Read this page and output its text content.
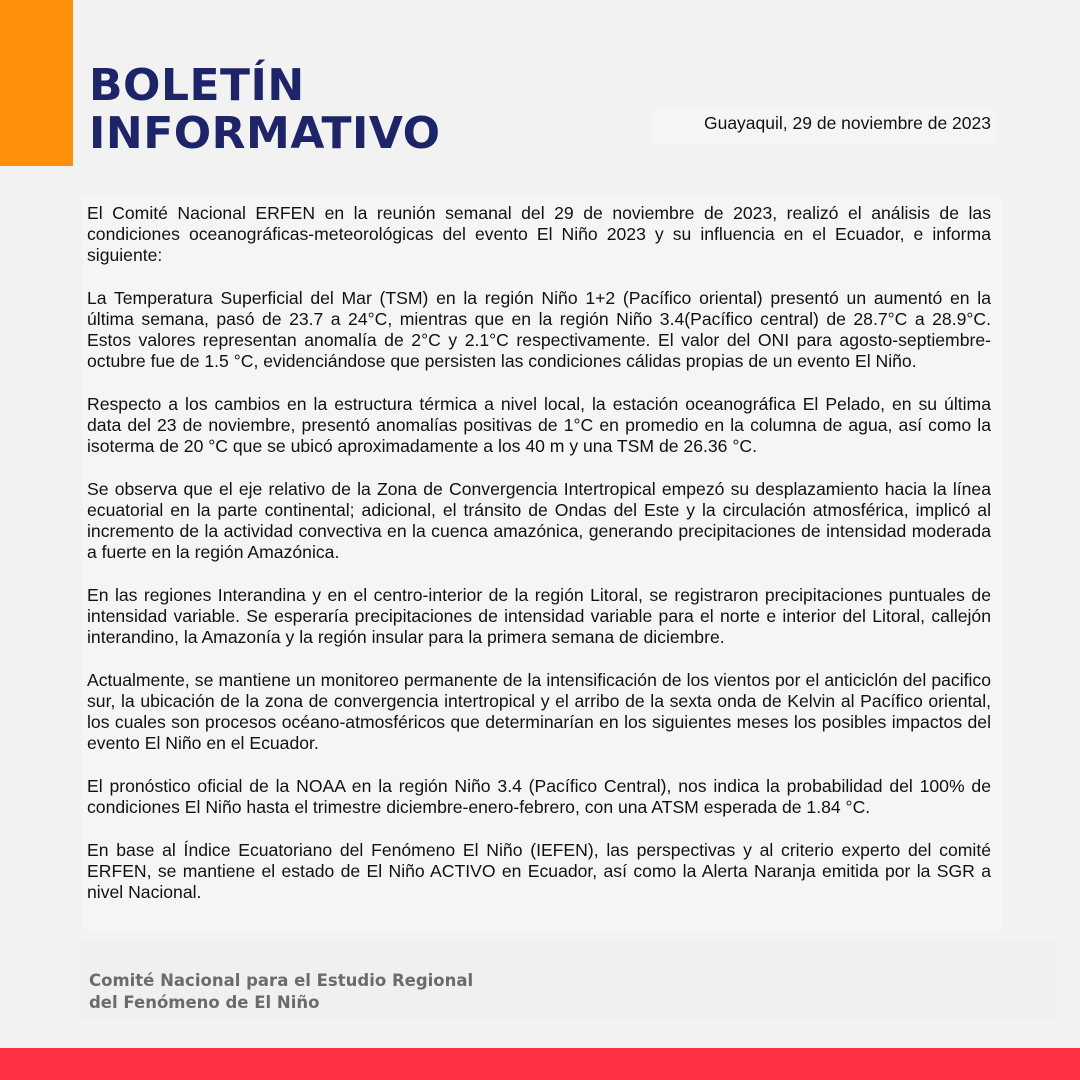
BOLETÍN
INFORMATIVO	Guayaquil, 29 de noviembre de 2023

El Comité Nacional ERFEN en la reunión semanal del 29 de noviembre de 2023, realizó el análisis de las condiciones oceanográficas-meteorológicas del evento El Niño 2023 y su influencia en el Ecuador, e informa siguiente:

La Temperatura Superficial del Mar (TSM) en la región Niño 1+2 (Pacífico oriental) presentó un aumentó en la última semana, pasó de 23.7 a 24°C, mientras que en la región Niño 3.4(Pacífico central) de 28.7°C a 28.9°C. Estos valores representan anomalía de 2°C y 2.1°C respectivamente. El valor del ONI para agosto-septiembre-octubre fue de 1.5 °C, evidenciándose que persisten las condiciones cálidas propias de un evento El Niño.

Respecto a los cambios en la estructura térmica a nivel local, la estación oceanográfica El Pelado, en su última data del 23 de noviembre, presentó anomalías positivas de 1°C en promedio en la columna de agua, así como la isoterma de 20 °C que se ubicó aproximadamente a los 40 m y una TSM de 26.36 °C.

Se observa que el eje relativo de la Zona de Convergencia Intertropical empezó su desplazamiento hacia la línea ecuatorial en la parte continental; adicional, el tránsito de Ondas del Este y la circulación atmosférica, implicó al incremento de la actividad convectiva en la cuenca amazónica, generando precipitaciones de intensidad moderada a fuerte en la región Amazónica.

En las regiones Interandina y en el centro-interior de la región Litoral, se registraron precipitaciones puntuales de intensidad variable. Se esperaría precipitaciones de intensidad variable para el norte e interior del Litoral, callejón interandino, la Amazonía y la región insular para la primera semana de diciembre.

Actualmente, se mantiene un monitoreo permanente de la intensificación de los vientos por el anticiclón del pacifico sur, la ubicación de la zona de convergencia intertropical y el arribo de la sexta onda de Kelvin al Pacífico oriental, los cuales son procesos océano-atmosféricos que determinarían en los siguientes meses los posibles impactos del evento El Niño en el Ecuador.

El pronóstico oficial de la NOAA en la región Niño 3.4 (Pacífico Central), nos indica la probabilidad del 100% de condiciones El Niño hasta el trimestre diciembre-enero-febrero, con una ATSM esperada de 1.84 °C.

En base al Índice Ecuatoriano del Fenómeno El Niño (IEFEN), las perspectivas y al criterio experto del comité ERFEN, se mantiene el estado de El Niño ACTIVO en Ecuador, así como la Alerta Naranja emitida por la SGR a nivel Nacional.

Comité Nacional para el Estudio Regional
del Fenómeno de El Niño
